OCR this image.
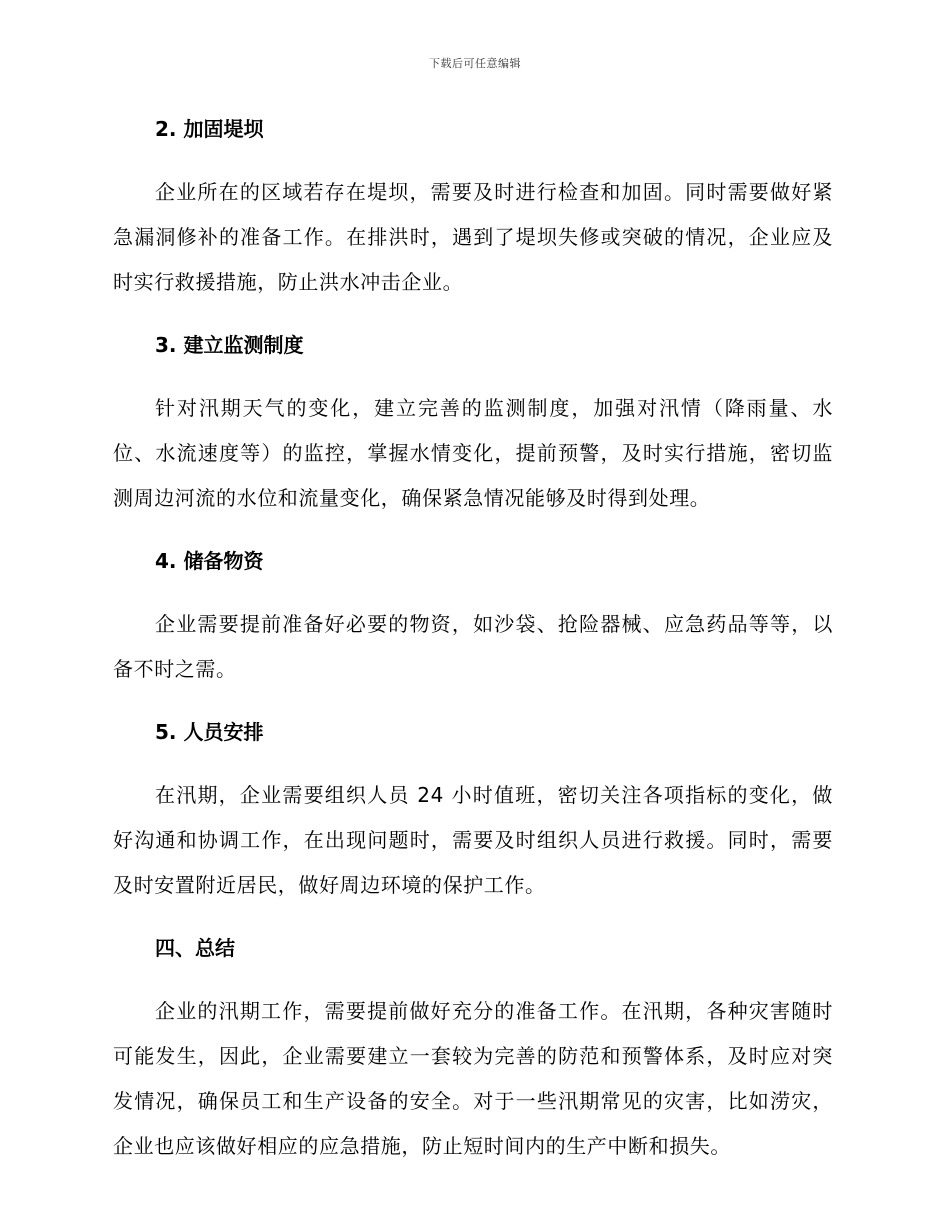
下载后可任意编辑
2. 加固堤坝

企业所在的区域若存在堤坝，需要及时进行检查和加固。同时需要做好紧急漏洞修补的准备工作。在排洪时，遇到了堤坝失修或突破的情况，企业应及时实行救援措施，防止洪水冲击企业。

3. 建立监测制度

针对汛期天气的变化，建立完善的监测制度，加强对汛情（降雨量、水位、水流速度等）的监控，掌握水情变化，提前预警，及时实行措施，密切监测周边河流的水位和流量变化，确保紧急情况能够及时得到处理。

4. 储备物资

企业需要提前准备好必要的物资，如沙袋、抢险器械、应急药品等等，以备不时之需。

5. 人员安排

在汛期，企业需要组织人员 24 小时值班，密切关注各项指标的变化，做好沟通和协调工作，在出现问题时，需要及时组织人员进行救援。同时，需要及时安置附近居民，做好周边环境的保护工作。

四、总结

企业的汛期工作，需要提前做好充分的准备工作。在汛期，各种灾害随时可能发生，因此，企业需要建立一套较为完善的防范和预警体系，及时应对突发情况，确保员工和生产设备的安全。对于一些汛期常见的灾害，比如涝灾，企业也应该做好相应的应急措施，防止短时间内的生产中断和损失。
